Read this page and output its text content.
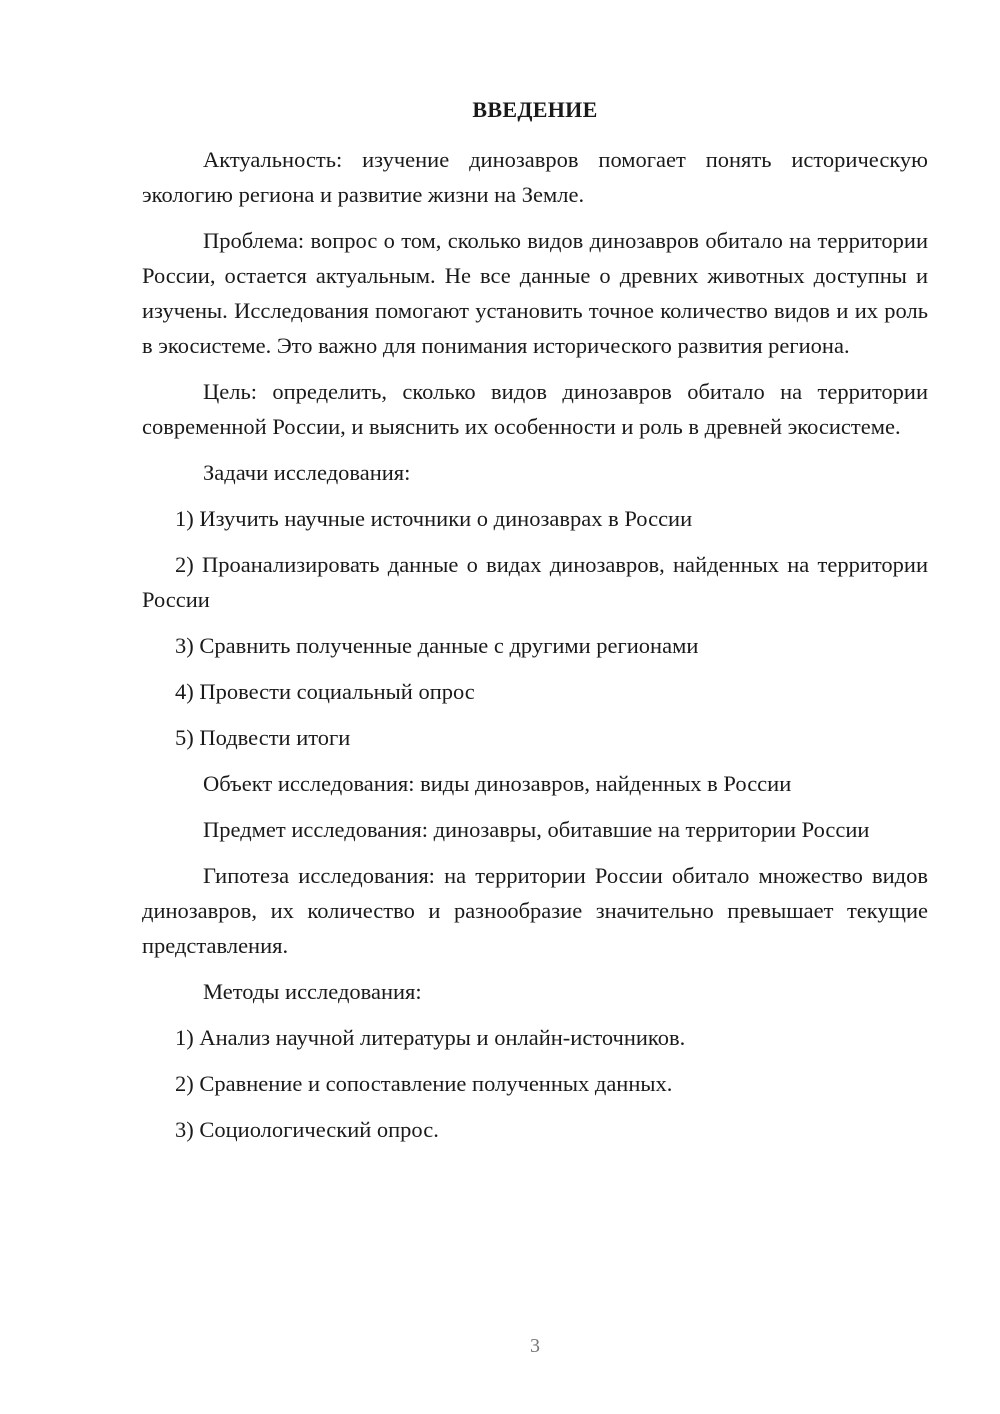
ВВЕДЕНИЕ

Актуальность: изучение динозавров помогает понять историческую экологию региона и развитие жизни на Земле.

Проблема: вопрос о том, сколько видов динозавров обитало на территории России, остается актуальным. Не все данные о древних животных доступны и изучены. Исследования помогают установить точное количество видов и их роль в экосистеме. Это важно для понимания исторического развития региона.

Цель: определить, сколько видов динозавров обитало на территории современной России, и выяснить их особенности и роль в древней экосистеме.

Задачи исследования:

1) Изучить научные источники о динозаврах в России

2) Проанализировать данные о видах динозавров, найденных на территории России

3) Сравнить полученные данные с другими регионами

4) Провести социальный опрос

5) Подвести итоги

Объект исследования: виды динозавров, найденных в России

Предмет исследования: динозавры, обитавшие на территории России

Гипотеза исследования: на территории России обитало множество видов динозавров, их количество и разнообразие значительно превышает текущие представления.

Методы исследования:

1) Анализ научной литературы и онлайн-источников.

2) Сравнение и сопоставление полученных данных.

3) Социологический опрос.

3
